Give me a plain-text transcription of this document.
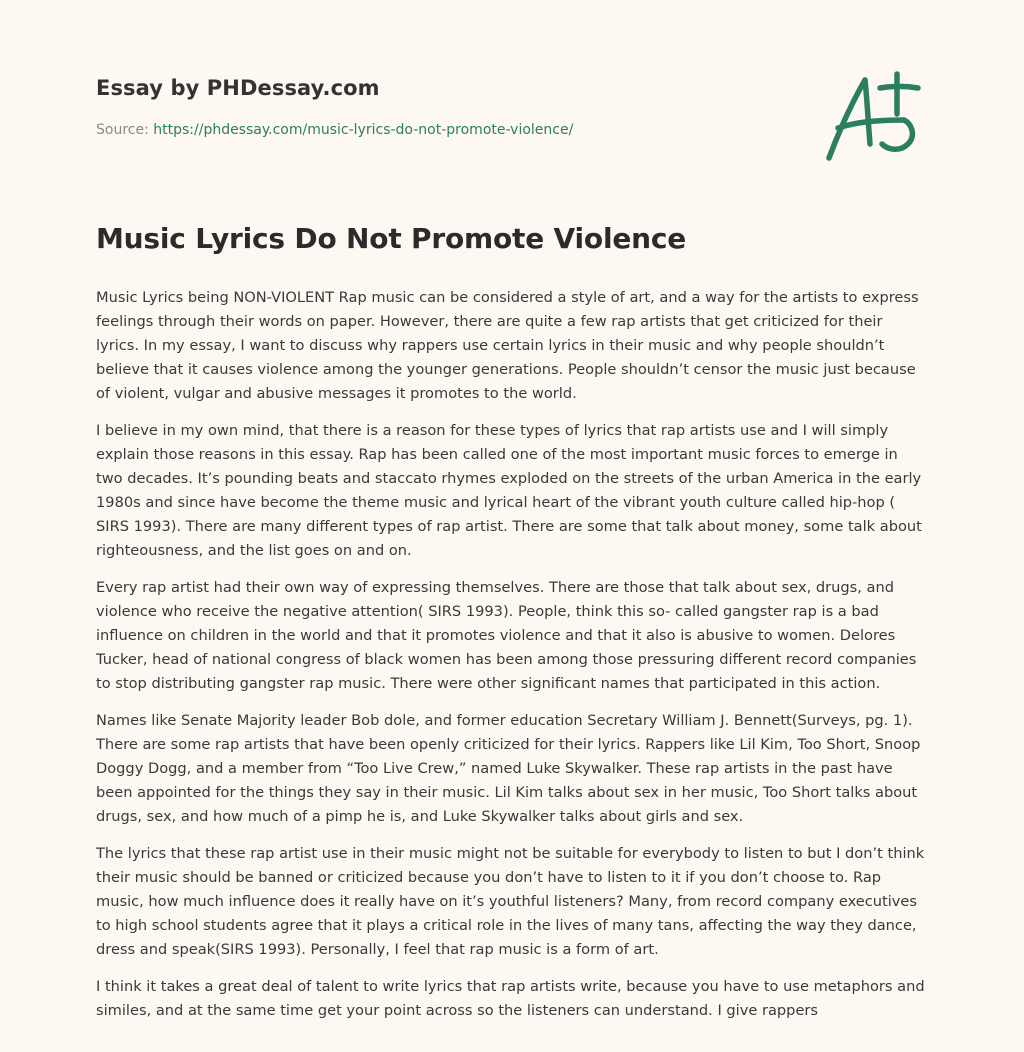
Essay by PHDessay.com
Source: https://phdessay.com/music-lyrics-do-not-promote-violence/
Music Lyrics Do Not Promote Violence

Music Lyrics being NON-VIOLENT Rap music can be considered a style of art, and a way for the artists to express feelings through their words on paper. However, there are quite a few rap artists that get criticized for their lyrics. In my essay, I want to discuss why rappers use certain lyrics in their music and why people shouldn’t believe that it causes violence among the younger generations. People shouldn’t censor the music just because of violent, vulgar and abusive messages it promotes to the world.

I believe in my own mind, that there is a reason for these types of lyrics that rap artists use and I will simply explain those reasons in this essay. Rap has been called one of the most important music forces to emerge in two decades. It’s pounding beats and staccato rhymes exploded on the streets of the urban America in the early 1980s and since have become the theme music and lyrical heart of the vibrant youth culture called hip-hop ( SIRS 1993). There are many different types of rap artist. There are some that talk about money, some talk about righteousness, and the list goes on and on.

Every rap artist had their own way of expressing themselves. There are those that talk about sex, drugs, and violence who receive the negative attention( SIRS 1993). People, think this so- called gangster rap is a bad influence on children in the world and that it promotes violence and that it also is abusive to women. Delores Tucker, head of national congress of black women has been among those pressuring different record companies to stop distributing gangster rap music. There were other significant names that participated in this action.

Names like Senate Majority leader Bob dole, and former education Secretary William J. Bennett(Surveys, pg. 1). There are some rap artists that have been openly criticized for their lyrics. Rappers like Lil Kim, Too Short, Snoop Doggy Dogg, and a member from “Too Live Crew,” named Luke Skywalker. These rap artists in the past have been appointed for the things they say in their music. Lil Kim talks about sex in her music, Too Short talks about drugs, sex, and how much of a pimp he is, and Luke Skywalker talks about girls and sex.

The lyrics that these rap artist use in their music might not be suitable for everybody to listen to but I don’t think their music should be banned or criticized because you don’t have to listen to it if you don’t choose to. Rap music, how much influence does it really have on it’s youthful listeners? Many, from record company executives to high school students agree that it plays a critical role in the lives of many tans, affecting the way they dance, dress and speak(SIRS 1993). Personally, I feel that rap music is a form of art.

I think it takes a great deal of talent to write lyrics that rap artists write, because you have to use metaphors and similes, and at the same time get your point across so the listeners can understand. I give rappers
